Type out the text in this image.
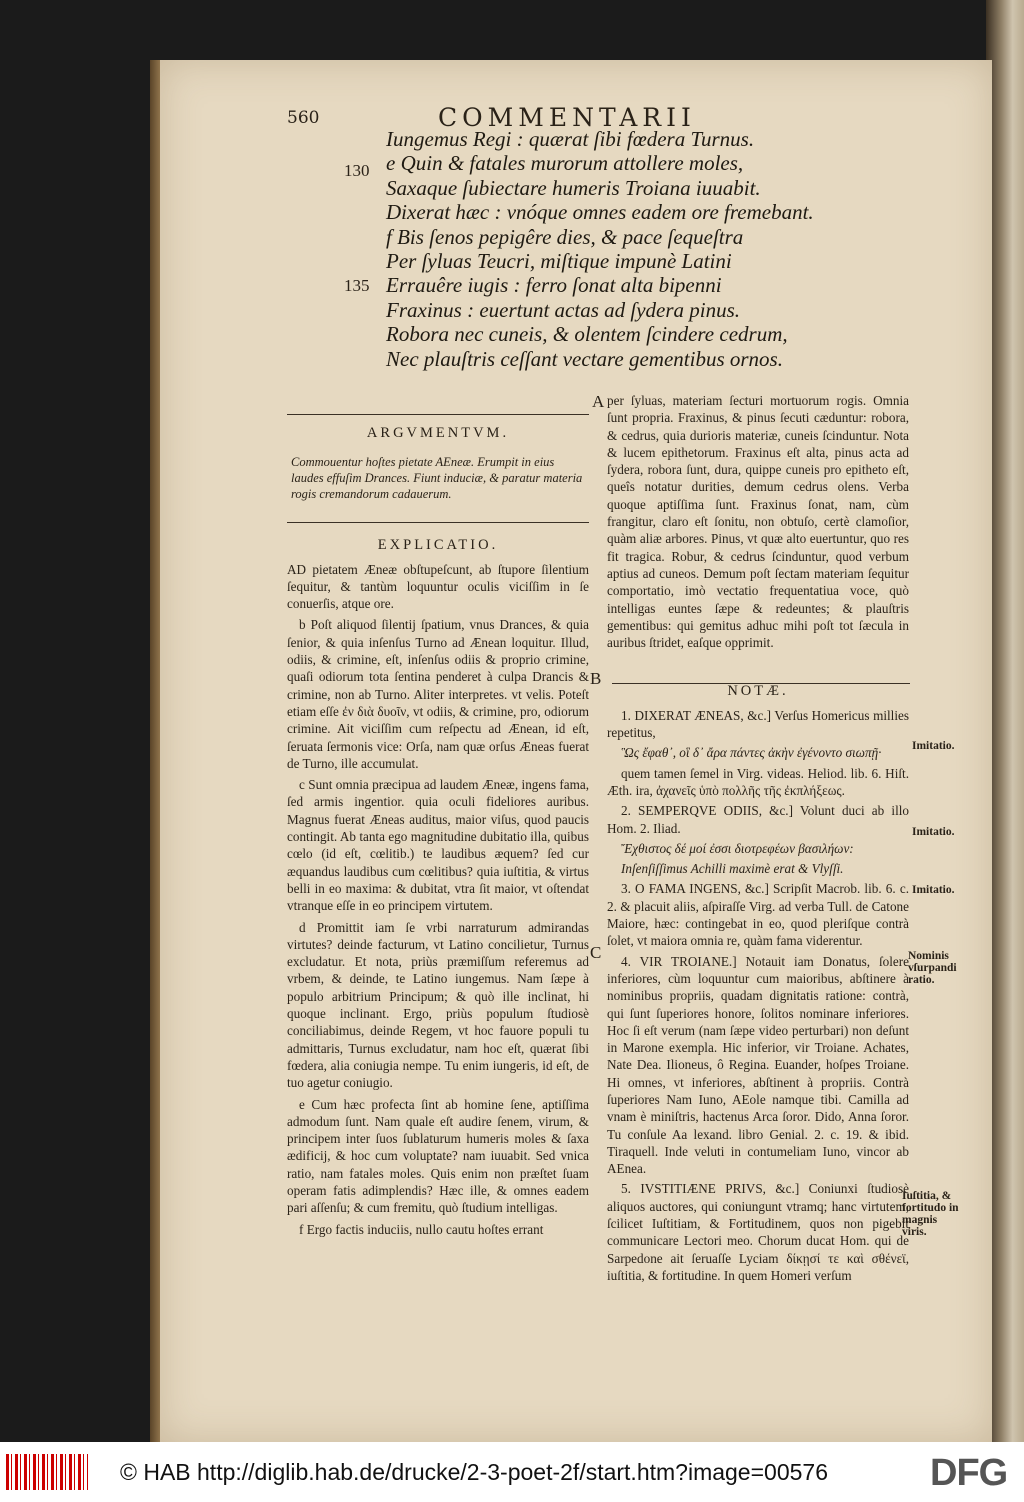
560	COMMENTARII
Iungemus Regi : quærat ſibi fœdera Turnus.
e Quin & fatales murorum attollere moles,
Saxaque ſubiectare humeris Troiana iuuabit.
Dixerat hæc : vnóque omnes eadem ore fremebant.
f Bis ſenos pepigêre dies, & pace ſequeſtra
Per ſyluas Teucri, miſtique impunè Latini
Errauêre iugis : ferro ſonat alta bipenni
Fraxinus : euertunt actas ad ſydera pinus.
Robora nec cuneis, & olentem ſcindere cedrum,
Nec plauſtris ceſſant vectare gementibus ornos.
130
135
ARGVMENTVM.
Commouentur hoſtes pietate AEneæ. Erumpit in eius laudes effuſim Drances. Fiunt induciæ, & paratur materia rogis cremandorum cadauerum.
EXPLICATIO.
AD pietatem Æneæ obſtupeſcunt, ab ſtupore ſilentium ſequitur, & tantùm loquuntur oculis viciſſim in ſe conuerſis, atque ore.
b Poſt aliquod ſilentij ſpatium, vnus Drances, & quia ſenior, & quia inſenſus Turno ad Ænean loquitur. Illud, odiis, & crimine, eſt, inſenſus odiis & proprio crimine, quaſi odiorum tota ſentina penderet à culpa Drancis & crimine, non ab Turno. Aliter interpretes. vt velis. Poteſt etiam eſſe ἐν διὰ δυοῖν, vt odiis, & crimine, pro, odiorum crimine. Ait viciſſim cum reſpectu ad Ænean, id eſt, ſeruata ſermonis vice: Orſa, nam quæ orſus Æneas fuerat de Turno, ille accumulat.
c Sunt omnia præcipua ad laudem Æneæ, ingens fama, ſed armis ingentior. quia oculi fideliores auribus. Magnus fuerat Æneas auditus, maior viſus, quod paucis contingit. Ab tanta ego magnitudine dubitatio illa, quibus cœlo (id eſt, cœlitib.) te laudibus æquem? ſed cur æquandus laudibus cum cœlitibus? quia iuſtitia, & virtus belli in eo maxima: & dubitat, vtra ſit maior, vt oſtendat vtranque eſſe in eo principem virtutem.
d Promittit iam ſe vrbi narraturum admirandas virtutes? deinde facturum, vt Latino concilietur, Turnus excludatur. Et nota, priùs præmiſſum referemus ad vrbem, & deinde, te Latino iungemus. Nam ſæpe à populo arbitrium Principum; & quò ille inclinat, hi quoque inclinant. Ergo, priùs populum ſtudiosè conciliabimus, deinde Regem, vt hoc fauore populi tu admittaris, Turnus excludatur, nam hoc eſt, quærat ſibi fœdera, alia coniugia nempe. Tu enim iungeris, id eſt, de tuo agetur coniugio.
e Cum hæc profecta ſint ab homine ſene, aptiſſima admodum ſunt. Nam quale eſt audire ſenem, virum, & principem inter ſuos ſublaturum humeris moles & ſaxa ædificij, & hoc cum voluptate? nam iuuabit. Sed vnica ratio, nam fatales moles. Quis enim non præſtet ſuam operam fatis adimplendis? Hæc ille, & omnes eadem pari aſſenſu; & cum fremitu, quò ſtudium intelligas.
f Ergo factis induciis, nullo cautu hoſtes errant
per ſyluas, materiam ſecturi mortuorum rogis. Omnia ſunt propria. Fraxinus, & pinus ſecuti cæduntur: robora, & cedrus, quia durioris materiæ, cuneis ſcinduntur. Nota & lucem epithetorum. Fraxinus eſt alta, pinus acta ad ſydera, robora ſunt, dura, quippe cuneis pro epitheto eſt, queîs notatur durities, demum cedrus olens. Verba quoque aptiſſima ſunt. Fraxinus ſonat, nam, cùm frangitur, claro eſt ſonitu, non obtuſo, certè clamoſior, quàm aliæ arbores. Pinus, vt quæ alto euertuntur, quo res fit tragica. Robur, & cedrus ſcinduntur, quod verbum aptius ad cuneos. Demum poſt ſectam materiam ſequitur comportatio, imò vectatio frequentatiua voce, quò intelligas euntes ſæpe & redeuntes; & plauſtris gementibus: qui gemitus adhuc mihi poſt tot ſæcula in auribus ſtridet, eaſque opprimit.
NOTÆ.
1. DIXERAT ÆNEAS, &c.] Verſus Homericus millies repetitus,
Ὣς ἔφαθ᾽, οἳ δ᾽ ἄρα πάντες ἀκὴν ἐγένοντο σιωπῇ·
quem tamen ſemel in Virg. videas. Heliod. lib. 6. Hiſt. Æth. ira, ἀχανεῖς ὑπὸ πολλῆς τῆς ἐκπλήξεως.
2. SEMPERQVE ODIIS, &c.] Volunt duci ab illo Hom. 2. Iliad.
Ἔχθιστος δέ μοί ἐσσι διοτρεφέων βασιλήων:
Inſenſiſſimus Achilli maximè erat & Vlyſſi.
3. O FAMA INGENS, &c.] Scripſit Macrob. lib. 6. c. 2. & placuit aliis, aſpiraſſe Virg. ad verba Tull. de Catone Maiore, hæc: contingebat in eo, quod pleriſque contrà ſolet, vt maiora omnia re, quàm fama viderentur.
4. VIR TROIANE.] Notauit iam Donatus, ſolere inferiores, cùm loquuntur cum maioribus, abſtinere à nominibus propriis, quadam dignitatis ratione: contrà, qui ſunt ſuperiores honore, ſolitos nominare inferiores. Hoc ſi eſt verum (nam ſæpe video perturbari) non deſunt in Marone exempla. Hic inferior, vir Troiane. Achates, Nate Dea. Ilioneus, ô Regina. Euander, hoſpes Troiane. Hi omnes, vt inferiores, abſtinent à propriis. Contrà ſuperiores Nam Iuno, AEole namque tibi. Camilla ad vnam è miniſtris, hactenus Arca ſoror. Dido, Anna ſoror. Tu conſule Aa lexand. libro Genial. 2. c. 19. & ibid. Tiraquell. Inde veluti in contumeliam Iuno, vincor ab AEnea.
5. IVSTITIÆNE PRIVS, &c.] Coniunxi ſtudiosè aliquos auctores, qui coniungunt vtramq; hanc virtutem, ſcilicet Iuſtitiam, & Fortitudinem, quos non pigebit communicare Lectori meo. Chorum ducat Hom. qui de Sarpedone ait ſeruaſſe Lyciam δίκῃσί τε καὶ σθένεϊ, iuſtitia, & fortitudine. In quem Homeri verſum
A
B
C
Imitatio.
Imitatio.
Imitatio.
Nominis vſurpandi ratio.
Iuſtitia, & fortitudo in magnis viris.
© HAB http://diglib.hab.de/drucke/2-3-poet-2f/start.htm?image=00576	DFG
